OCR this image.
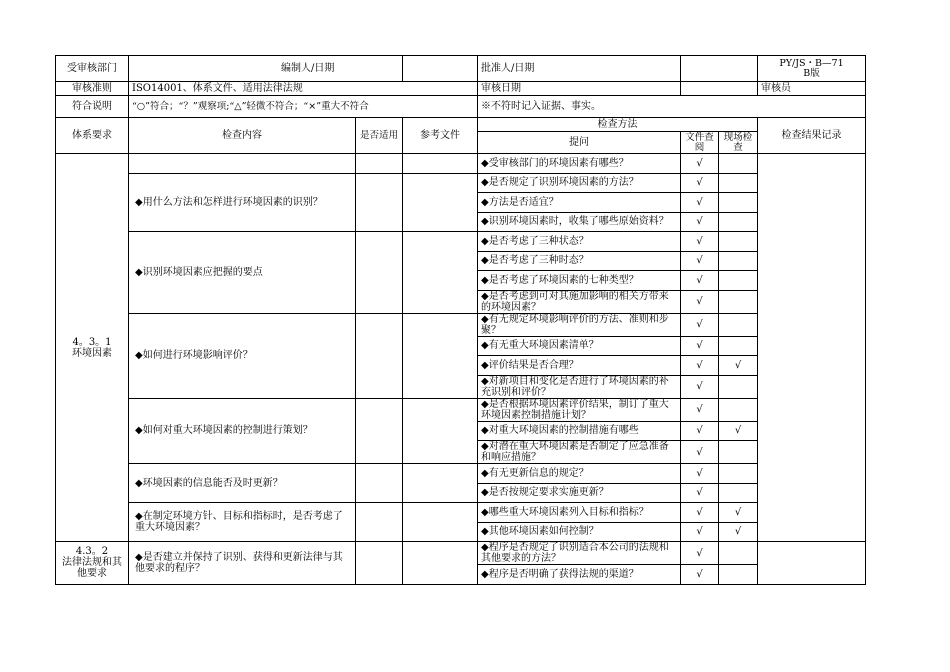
受审核部门	编制人/日期			批准人/日期			PY/JS・B—71
B版

审核准则	ISO14001、体系文件、适用法律法规			审核日期			审核员
符合说明	“○”符合；“？”观察项;“△”轻微不符合；“×”重大不符合			※不符时记入证据、事实。			
体系要求	检查内容	是否适用	参考文件	检查方法			检查结果记录
				提问	文件查阅	现场检查	

4。3。1
环境因素				◆受审核部门的环境因素有哪些？	√		
	◆用什么方法和怎样进行环境因素的识别？			◆是否规定了识别环境因素的方法？	√		
				◆方法是否适宜？	√		
				◆识别环境因素时，收集了哪些原始资料？	√		
	◆识别环境因素应把握的要点			◆是否考虑了三种状态？	√		
				◆是否考虑了三种时态？	√		
				◆是否考虑了环境因素的七种类型？	√		
				◆是否考虑到可对其施加影响的相关方带来的环境因素？	√		
	◆如何进行环境影响评价？			◆有无规定环境影响评价的方法、准则和步聚？	√		
				◆有无重大环境因素清单？	√		
				◆评价结果是否合理？	√	√	
				◆对新项目和变化是否进行了环境因素的补充识别和评价？	√		
	◆如何对重大环境因素的控制进行策划？			◆是否根据环境因素评价结果，制订了重大环境因素控制措施计划？	√		
				◆对重大环境因素的控制措施有哪些	√	√	
				◆对潜在重大环境因素是否制定了应急准备和响应措施？	√		
	◆环境因素的信息能否及时更新？			◆有无更新信息的规定？	√		
				◆是否按规定要求实施更新？	√		
	◆在制定环境方针、目标和指标时，是否考虑了重大环境因素？			◆哪些重大环境因素列入目标和指标？	√	√	
				◆其他环境因素如何控制？	√	√	

4.3。2
法律法规和其他要求	◆是否建立并保持了识别、获得和更新法律与其他要求的程序？			◆程序是否规定了识别适合本公司的法规和其他要求的方法？	√		
				◆程序是否明确了获得法规的渠道？	√		
